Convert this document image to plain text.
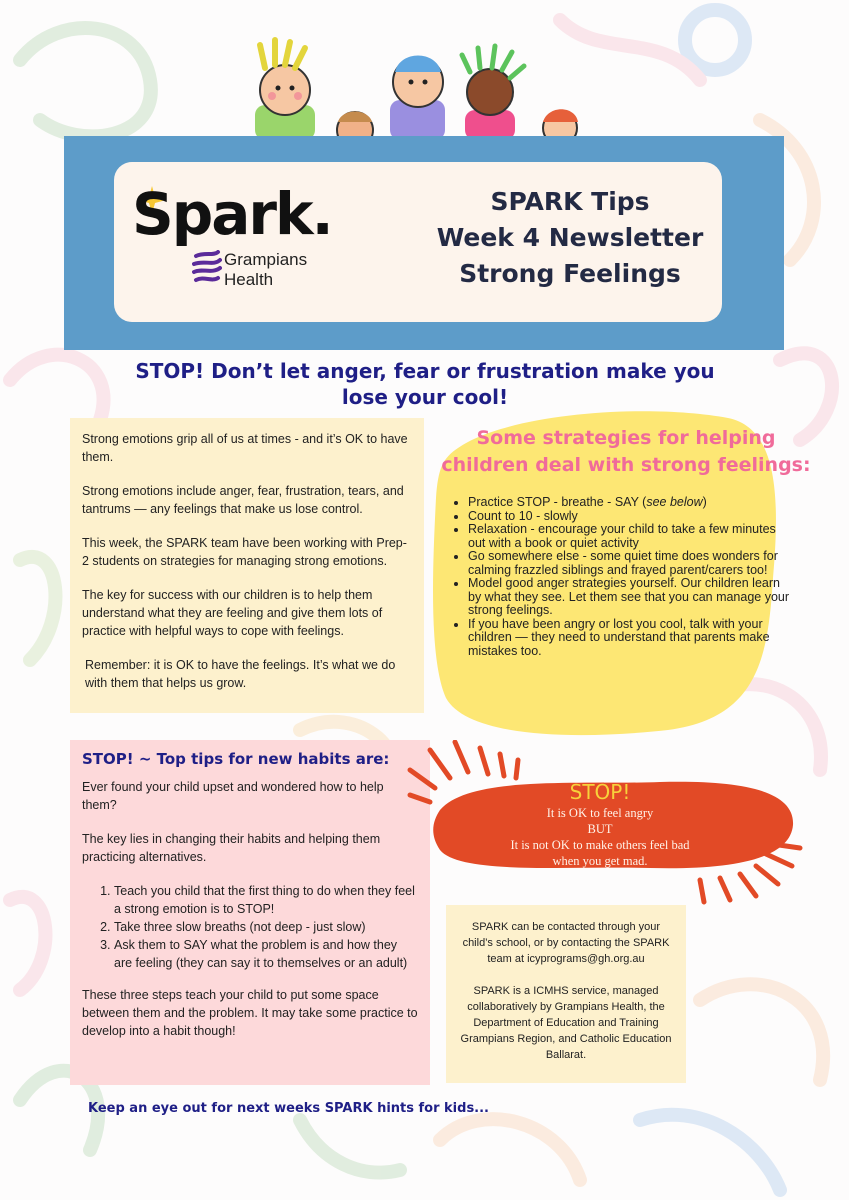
Spark.
Grampians
Health
SPARK Tips
Week 4 Newsletter
Strong Feelings
STOP! Don’t let anger, fear or frustration make you
lose your cool!

Strong emotions grip all of us at times - and it’s OK to have them.

Strong emotions include anger, fear, frustration, tears, and tantrums — any feelings that make us lose control.

This week, the SPARK team have been working with Prep-2 students on strategies for managing strong emotions.

The key for success with our children is to help them understand what they are feeling and give them lots of practice with helpful ways to cope with feelings.

Remember: it is OK to have the feelings. It’s what we do with them that helps us grow.

Some strategies for helping
children deal with strong feelings:
• Practice STOP - breathe - SAY (see below)
• Count to 10 - slowly
• Relaxation - encourage your child to take a few minutes out with a book or quiet activity
• Go somewhere else - some quiet time does wonders for calming frazzled siblings and frayed parent/carers too!
• Model good anger strategies yourself. Our children learn by what they see. Let them see that you can manage your strong feelings.
• If you have been angry or lost you cool, talk with your children — they need to understand that parents make mistakes too.
STOP! ~ Top tips for new habits are:

Ever found your child upset and wondered how to help them?

The key lies in changing their habits and helping them practicing alternatives.

1. Teach you child that the first thing to do when they feel a strong emotion is to STOP!
2. Take three slow breaths (not deep - just slow)
3. Ask them to SAY what the problem is and how they are feeling (they can say it to themselves or an adult)

These three steps teach your child to put some space between them and the problem. It may take some practice to develop into a habit though!

STOP!
It is OK to feel angry
BUT
It is not OK to make others feel bad
when you get mad.

SPARK can be contacted through your child’s school, or by contacting the SPARK team at icyprograms@gh.org.au

SPARK is a ICMHS service, managed collaboratively by Grampians Health, the Department of Education and Training Grampians Region, and Catholic Education Ballarat.

Keep an eye out for next weeks SPARK hints for kids...
